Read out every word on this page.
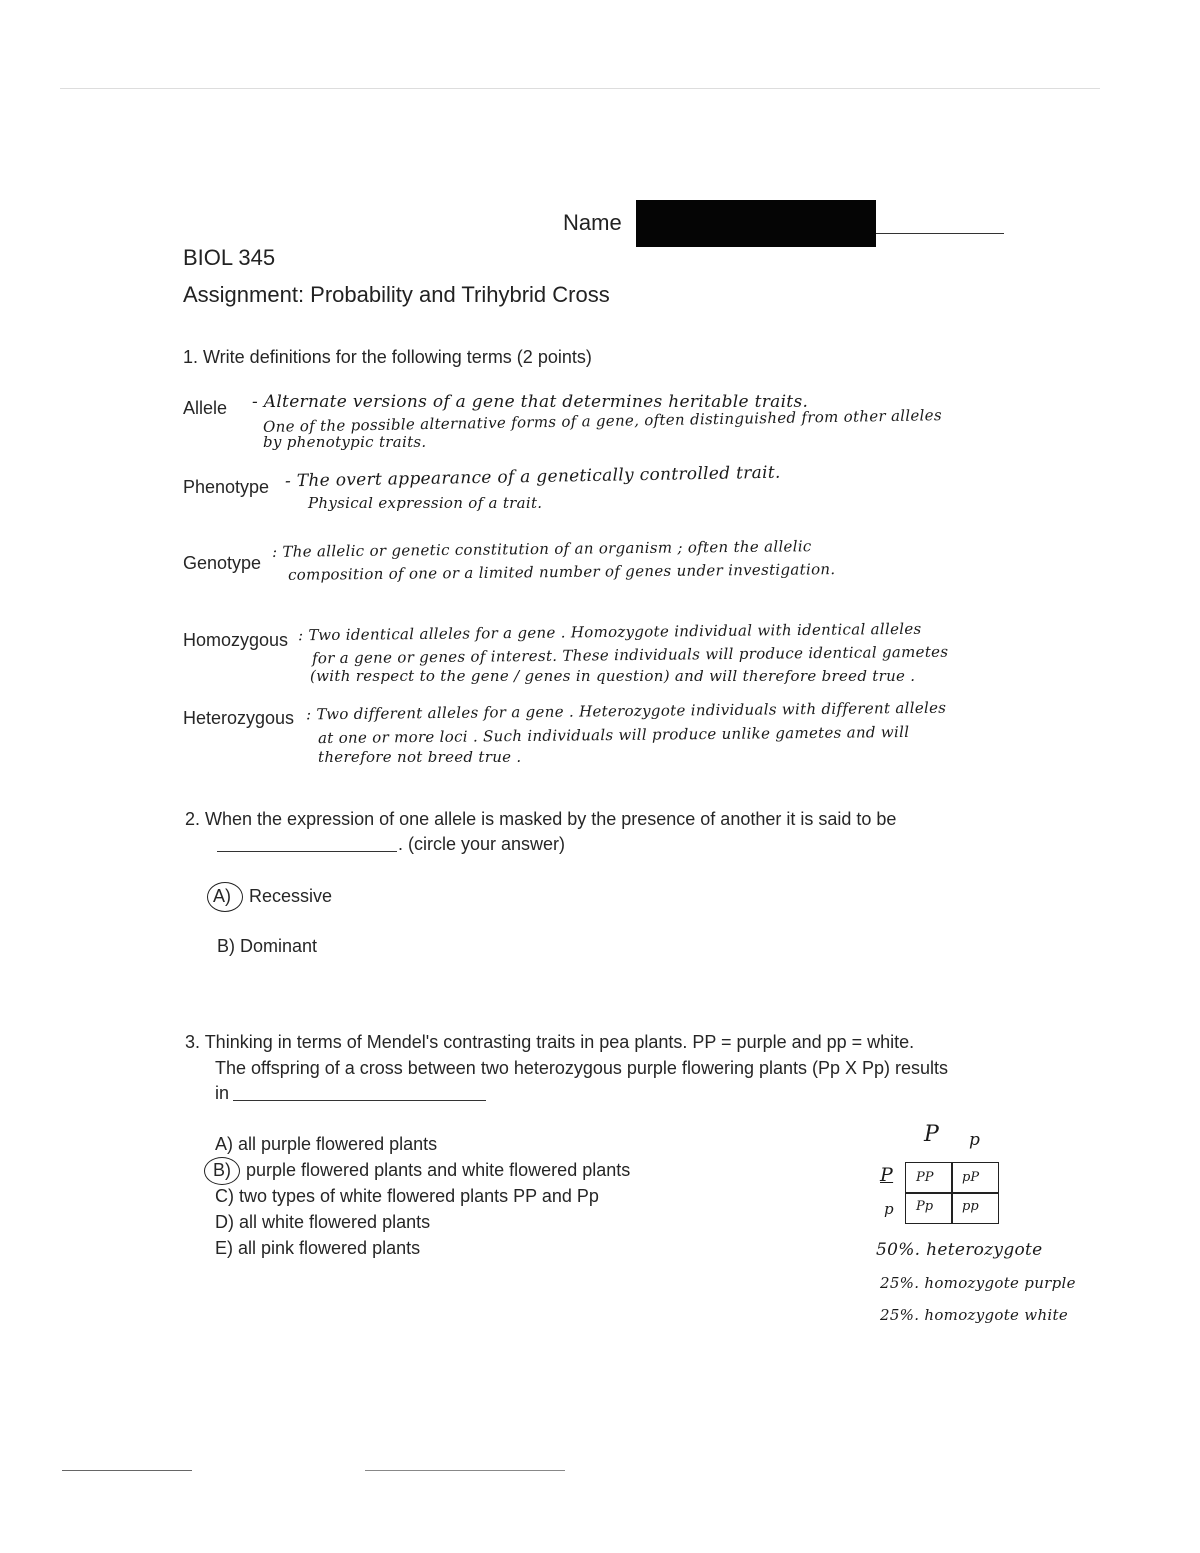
Name
BIOL 345
Assignment: Probability and Trihybrid Cross
1. Write definitions for the following terms (2 points)
Allele - Alternate versions of a gene that determines heritable traits.
One of the possible alternative forms of a gene, often distinguished from other alleles
by phenotypic traits.
Phenotype - The overt appearance of a genetically controlled trait.
Physical expression of a trait.
Genotype
: The allelic or genetic constitution of an organism ; often the allelic
composition of one or a limited number of genes under investigation.
Homozygous : Two identical alleles for a gene . Homozygote individual with identical alleles
for a gene or genes of interest. These individuals will produce identical gametes
(with respect to the gene / genes in question) and will therefore breed true .
Heterozygous : Two different alleles for a gene . Heterozygote individuals with different alleles
at one or more loci . Such individuals will produce unlike gametes and will
therefore not breed true .
2. When the expression of one allele is masked by the presence of another it is said to be
. (circle your answer)
A) Recessive
B) Dominant
3. Thinking in terms of Mendel's contrasting traits in pea plants. PP = purple and pp = white.
The offspring of a cross between two heterozygous purple flowering plants (Pp X Pp) results
in
A) all purple flowered plants
B) purple flowered plants and white flowered plants
C) two types of white flowered plants PP and Pp
D) all white flowered plants
E) all pink flowered plants
P p
P
p
PP pP
Pp pp
50%. heterozygote
25%. homozygote purple
25%. homozygote white
